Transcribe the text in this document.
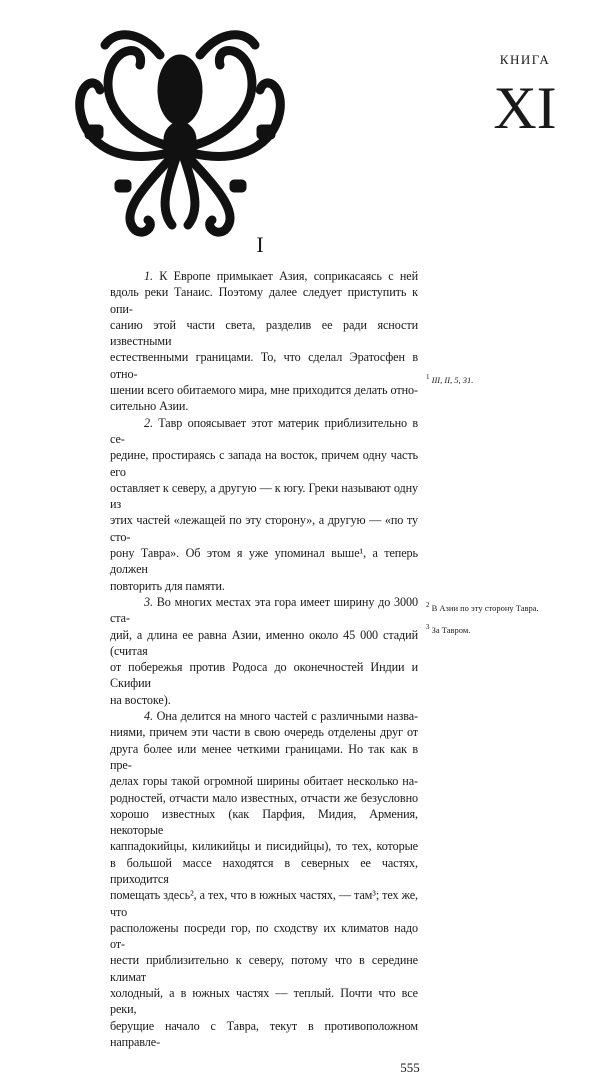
КНИГА
XI
I
1. К Европе примыкает Азия, соприкасаясь с ней
вдоль реки Танаис. Поэтому далее следует приступить к опи-
санию этой части света, разделив ее ради ясности известными
естественными границами. То, что сделал Эратосфен в отно-
шении всего обитаемого мира, мне приходится делать отно-
сительно Азии.
2. Тавр опоясывает этот материк приблизительно в се-
редине, простираясь с запада на восток, причем одну часть его
оставляет к северу, а другую — к югу. Греки называют одну из
этих частей «лежащей по эту сторону», а другую — «по ту сто-
рону Тавра». Об этом я уже упоминал выше¹, а теперь должен
повторить для памяти.
3. Во многих местах эта гора имеет ширину до 3000 ста-
дий, а длина ее равна Азии, именно около 45 000 стадий (считая
от побережья против Родоса до оконечностей Индии и Скифии
на востоке).
4. Она делится на много частей с различными назва-
ниями, причем эти части в свою очередь отделены друг от
друга более или менее четкими границами. Но так как в пре-
делах горы такой огромной ширины обитает несколько на-
родностей, отчасти мало известных, отчасти же безусловно
хорошо известных (как Парфия, Мидия, Армения, некоторые
каппадокийцы, киликийцы и писидийцы), то тех, которые
в большой массе находятся в северных ее частях, приходится
помещать здесь², а тех, что в южных частях, — там³; тех же, что
расположены посреди гор, по сходству их климатов надо от-
нести приблизительно к северу, потому что в середине климат
холодный, а в южных частях — теплый. Почти что все реки,
берущие начало с Тавра, текут в противоположном направле-
$^1$ III, II, 5, 31.
$^2$ В Азии по эту сторону Тавра.
$^3$ За Тавром.
555
